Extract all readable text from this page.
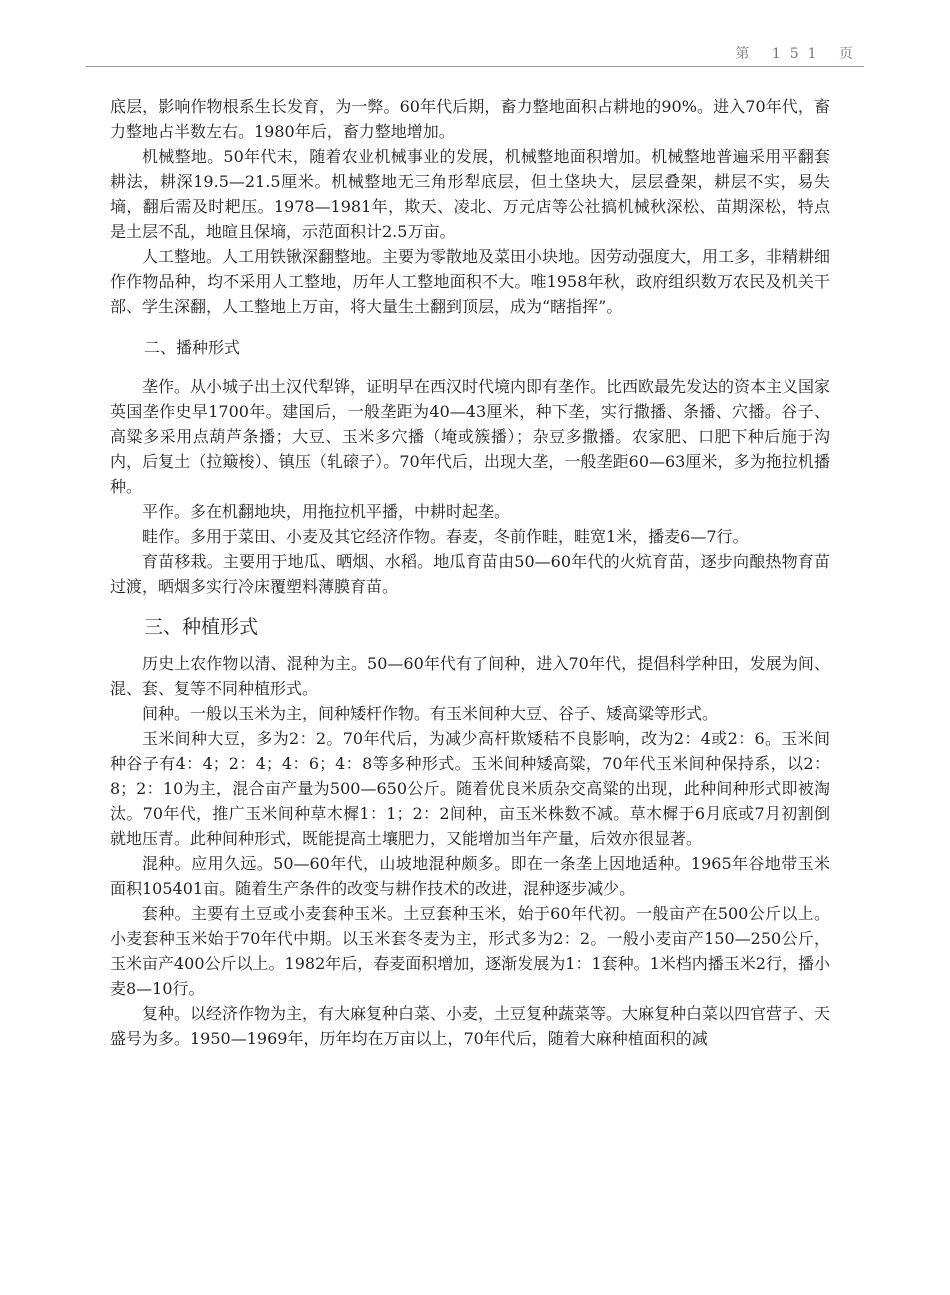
第 151 页

底层，影响作物根系生长发育，为一弊。60年代后期，畜力整地面积占耕地的90%。进入70年代，畜力整地占半数左右。1980年后，畜力整地增加。

机械整地。50年代末，随着农业机械事业的发展，机械整地面积增加。机械整地普遍采用平翻套耕法，耕深19.5—21.5厘米。机械整地无三角形犁底层，但土垡块大，层层叠架，耕层不实，易失墒，翻后需及时耙压。1978—1981年，欺天、凌北、万元店等公社搞机械秋深松、苗期深松，特点是土层不乱，地暄且保墒，示范面积计2.5万亩。

人工整地。人工用铁锹深翻整地。主要为零散地及菜田小块地。因劳动强度大，用工多，非精耕细作作物品种，均不采用人工整地，历年人工整地面积不大。唯1958年秋，政府组织数万农民及机关干部、学生深翻，人工整地上万亩，将大量生土翻到顶层，成为“瞎指挥”。

二、播种形式

垄作。从小城子出土汉代犁铧，证明早在西汉时代境内即有垄作。比西欧最先发达的资本主义国家英国垄作史早1700年。建国后，一般垄距为40—43厘米，种下垄，实行撒播、条播、穴播。谷子、高粱多采用点葫芦条播；大豆、玉米多穴播（埯或簇播）；杂豆多撒播。农家肥、口肥下种后施于沟内，后复土（拉簸梭）、镇压（轧磙子）。70年代后，出现大垄，一般垄距60—63厘米，多为拖拉机播种。

平作。多在机翻地块，用拖拉机平播，中耕时起垄。

畦作。多用于菜田、小麦及其它经济作物。春麦，冬前作畦，畦宽1米，播麦6—7行。

育苗移栽。主要用于地瓜、晒烟、水稻。地瓜育苗由50—60年代的火炕育苗，逐步向酿热物育苗过渡，晒烟多实行冷床覆塑料薄膜育苗。

三、种植形式

历史上农作物以清、混种为主。50—60年代有了间种，进入70年代，提倡科学种田，发展为间、混、套、复等不同种植形式。

间种。一般以玉米为主，间种矮杆作物。有玉米间种大豆、谷子、矮高粱等形式。

玉米间种大豆，多为2：2。70年代后，为减少高杆欺矮秸不良影响，改为2：4或2：6。玉米间种谷子有4：4；2：4；4：6；4：8等多种形式。玉米间种矮高粱，70年代玉米间种保持系，以2：8；2：10为主，混合亩产量为500—650公斤。随着优良米质杂交高粱的出现，此种间种形式即被淘汰。70年代，推广玉米间种草木樨1：1；2：2间种，亩玉米株数不减。草木樨于6月底或7月初割倒就地压青。此种间种形式，既能提高土壤肥力，又能增加当年产量，后效亦很显著。

混种。应用久远。50—60年代，山坡地混种颇多。即在一条垄上因地适种。1965年谷地带玉米面积105401亩。随着生产条件的改变与耕作技术的改进，混种逐步减少。

套种。主要有土豆或小麦套种玉米。土豆套种玉米，始于60年代初。一般亩产在500公斤以上。小麦套种玉米始于70年代中期。以玉米套冬麦为主，形式多为2：2。一般小麦亩产150—250公斤，玉米亩产400公斤以上。1982年后，春麦面积增加，逐渐发展为1：1套种。1米档内播玉米2行，播小麦8—10行。

复种。以经济作物为主，有大麻复种白菜、小麦，土豆复种蔬菜等。大麻复种白菜以四官营子、天盛号为多。1950—1969年，历年均在万亩以上，70年代后，随着大麻种植面积的减
